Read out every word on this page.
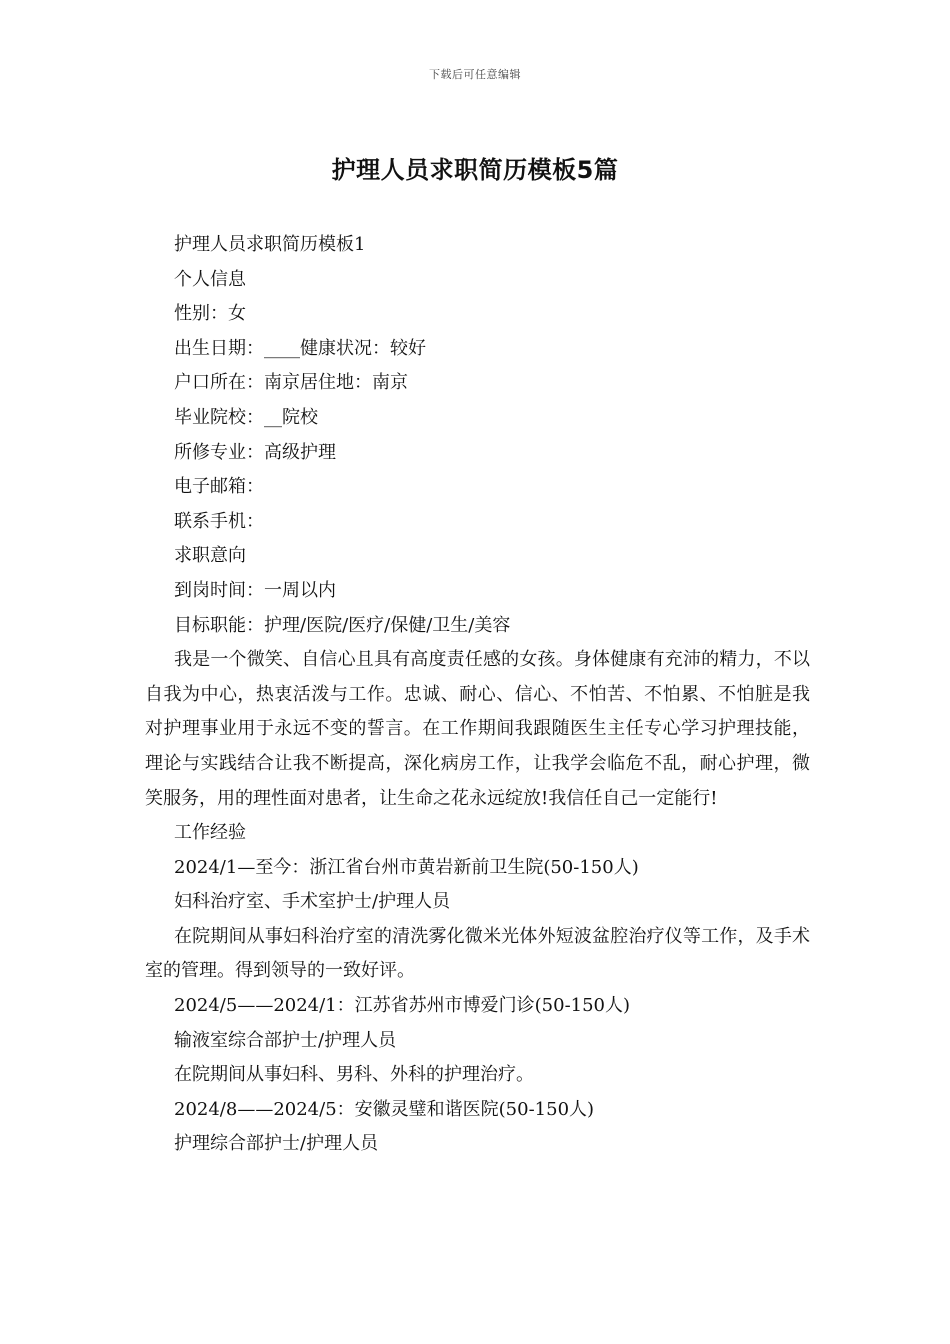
下载后可任意编辑
护理人员求职简历模板5篇

护理人员求职简历模板1

个人信息

性别：女

出生日期：____健康状况：较好

户口所在：南京居住地：南京

毕业院校：__院校

所修专业：高级护理

电子邮箱：

联系手机：

求职意向

到岗时间：一周以内

目标职能：护理/医院/医疗/保健/卫生/美容

我是一个微笑、自信心且具有高度责任感的女孩。身体健康有充沛的精力，不以自我为中心，热衷活泼与工作。忠诚、耐心、信心、不怕苦、不怕累、不怕脏是我对护理事业用于永远不变的誓言。在工作期间我跟随医生主任专心学习护理技能，理论与实践结合让我不断提高，深化病房工作，让我学会临危不乱，耐心护理，微笑服务，用的理性面对患者，让生命之花永远绽放!我信任自己一定能行!

工作经验

2024/1—至今：浙江省台州市黄岩新前卫生院(50-150人)

妇科治疗室、手术室护士/护理人员

在院期间从事妇科治疗室的清洗雾化微米光体外短波盆腔治疗仪等工作，及手术室的管理。得到领导的一致好评。

2024/5——2024/1：江苏省苏州市博爱门诊(50-150人)

输液室综合部护士/护理人员

在院期间从事妇科、男科、外科的护理治疗。

2024/8——2024/5：安徽灵璧和谐医院(50-150人)

护理综合部护士/护理人员
